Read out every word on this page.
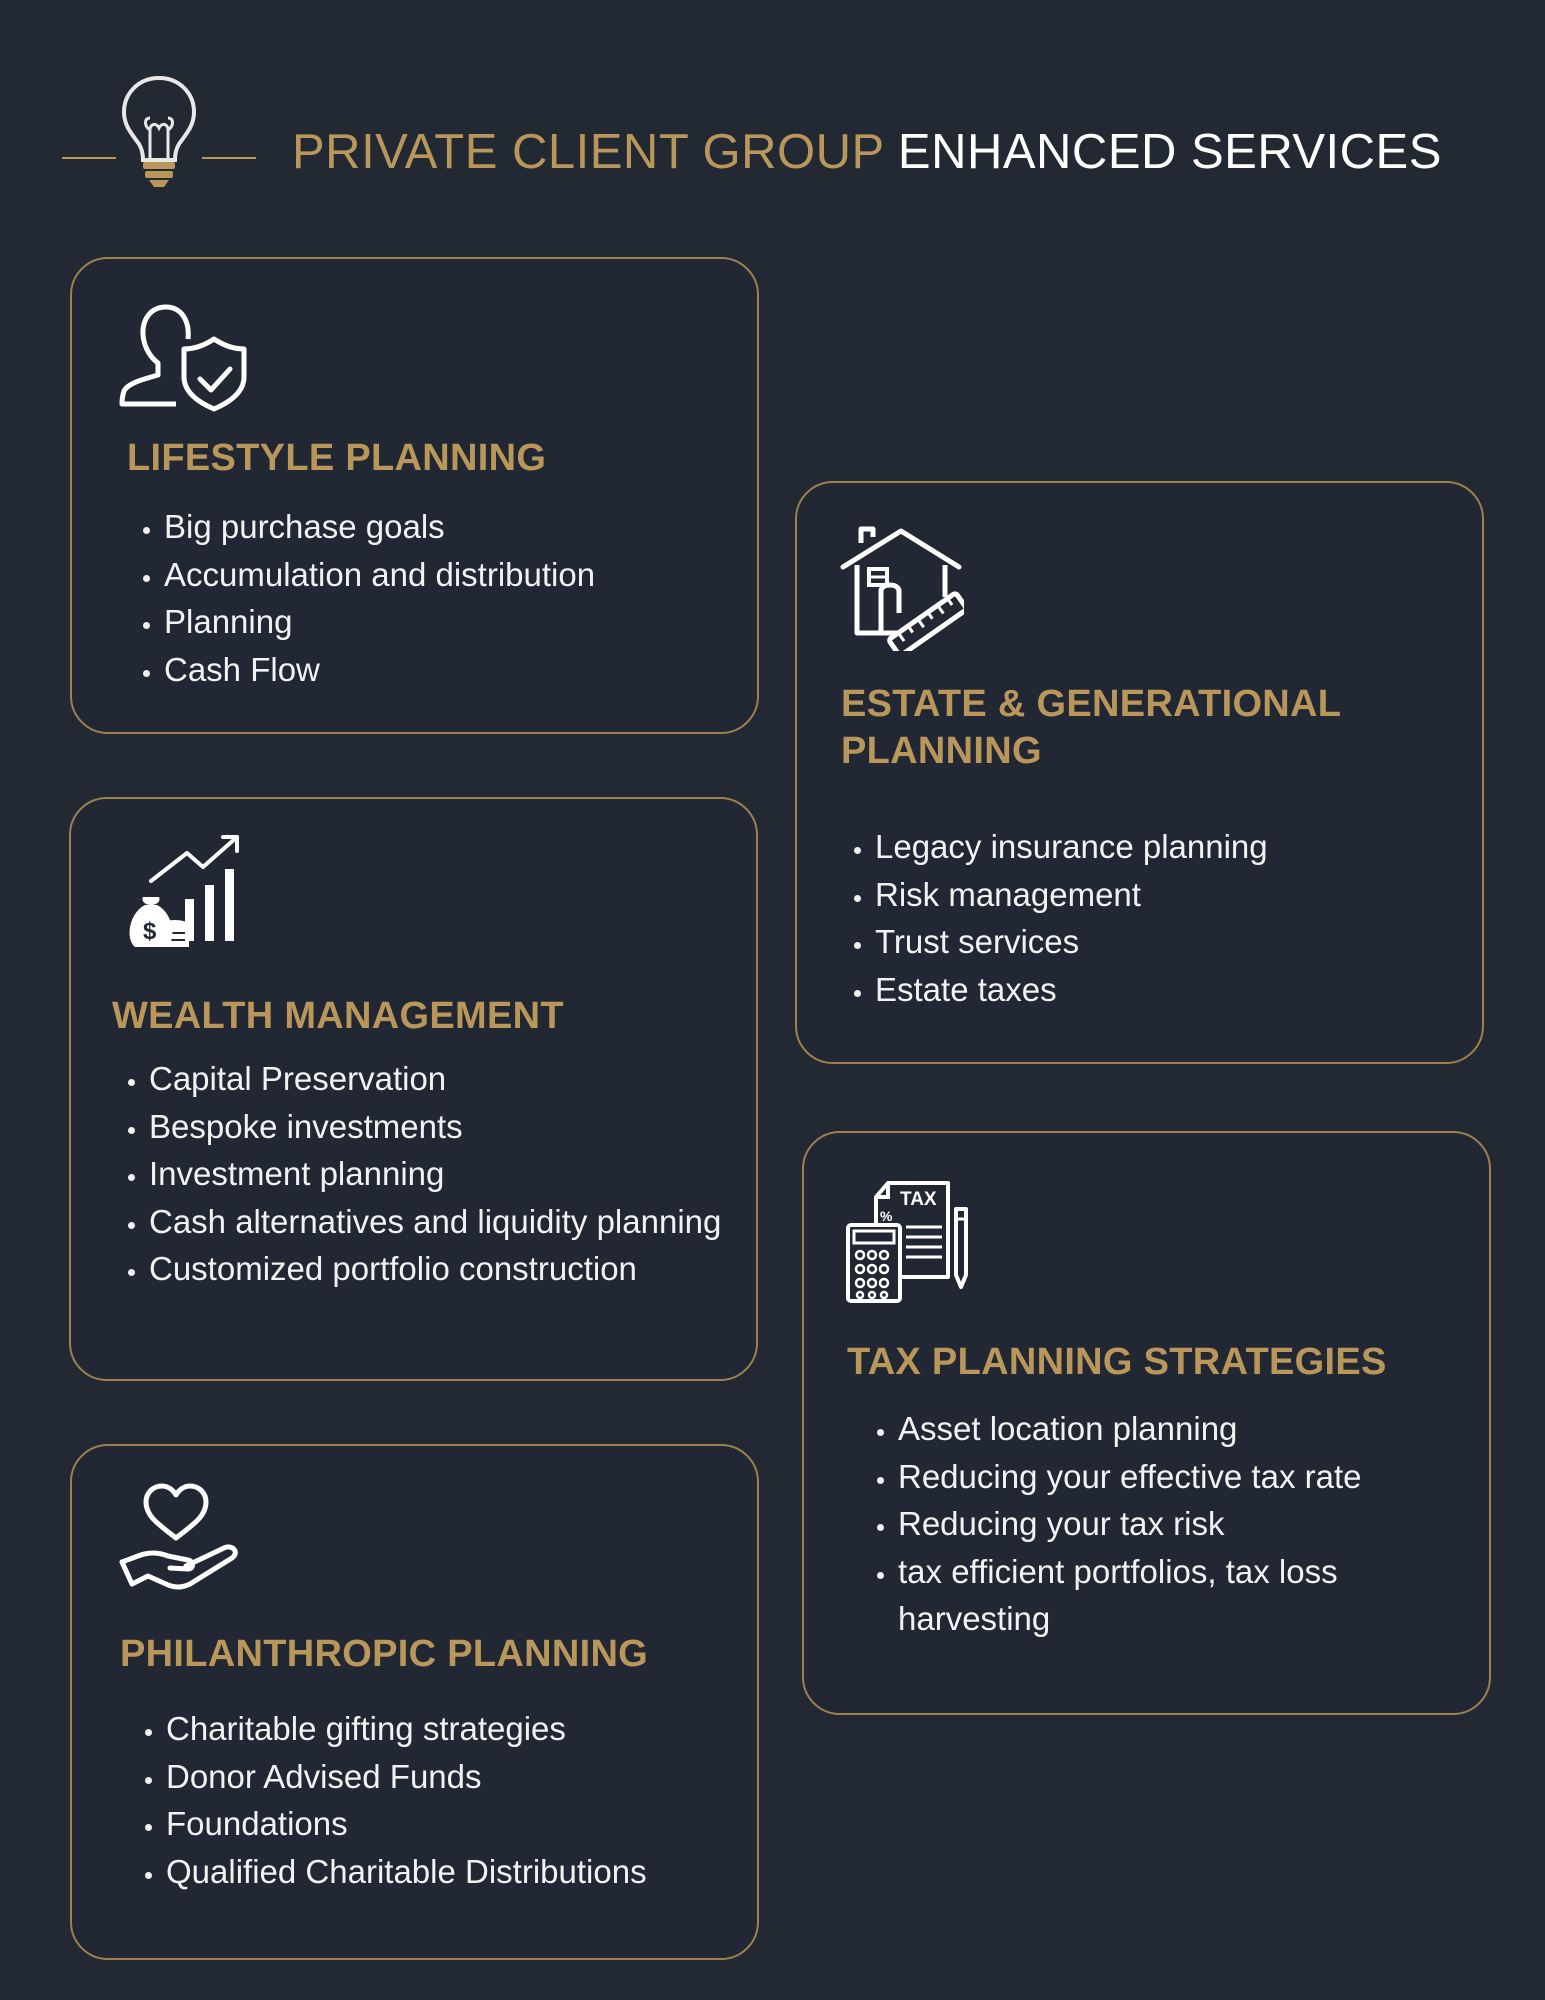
PRIVATE CLIENT GROUP ENHANCED SERVICES
LIFESTYLE PLANNING
• Big purchase goals
• Accumulation and distribution
• Planning
• Cash Flow
ESTATE & GENERATIONAL
PLANNING
• Legacy insurance planning
• Risk management
• Trust services
• Estate taxes
$
WEALTH MANAGEMENT
• Capital Preservation
• Bespoke investments
• Investment planning
• Cash alternatives and liquidity planning
• Customized portfolio construction
TAX
%
TAX PLANNING STRATEGIES
• Asset location planning
• Reducing your effective tax rate
• Reducing your tax risk
• tax efficient portfolios, tax loss harvesting
PHILANTHROPIC PLANNING
• Charitable gifting strategies
• Donor Advised Funds
• Foundations
• Qualified Charitable Distributions
